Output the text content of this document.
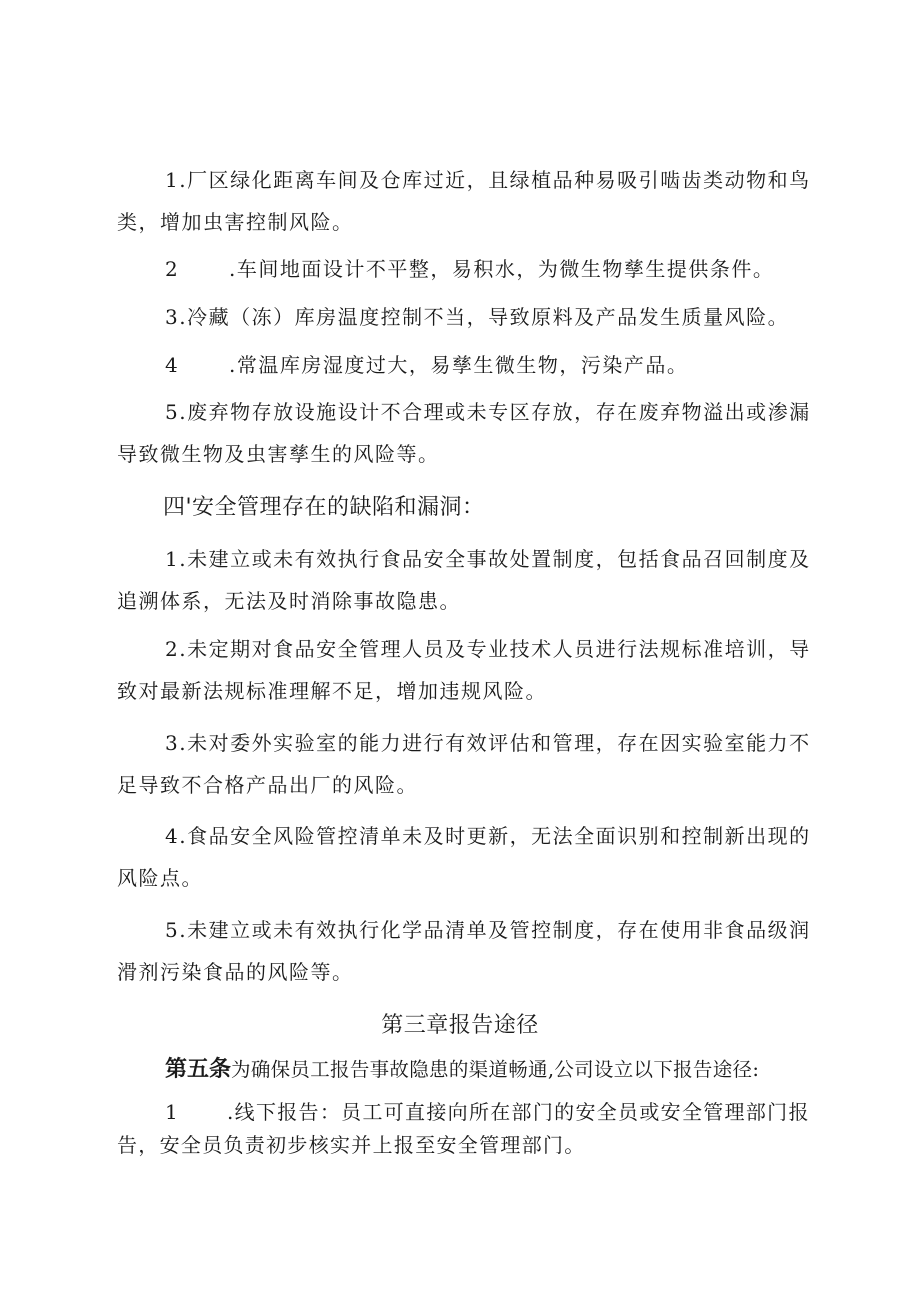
1.厂区绿化距离车间及仓库过近，且绿植品种易吸引啮齿类动物和鸟类，增加虫害控制风险。
2 .车间地面设计不平整，易积水，为微生物孳生提供条件。
3.冷藏（冻）库房温度控制不当，导致原料及产品发生质量风险。
4 .常温库房湿度过大，易孳生微生物，污染产品。
5.废弃物存放设施设计不合理或未专区存放，存在废弃物溢出或渗漏导致微生物及虫害孳生的风险等。
四'安全管理存在的缺陷和漏洞：
1.未建立或未有效执行食品安全事故处置制度，包括食品召回制度及追溯体系，无法及时消除事故隐患。
2.未定期对食品安全管理人员及专业技术人员进行法规标准培训，导致对最新法规标准理解不足，增加违规风险。
3.未对委外实验室的能力进行有效评估和管理，存在因实验室能力不足导致不合格产品出厂的风险。
4.食品安全风险管控清单未及时更新，无法全面识别和控制新出现的风险点。
5.未建立或未有效执行化学品清单及管控制度，存在使用非食品级润滑剂污染食品的风险等。
第三章报告途径
第五条为确保员工报告事故隐患的渠道畅通,公司设立以下报告途径:
1 .线下报告：员工可直接向所在部门的安全员或安全管理部门报告，安全员负责初步核实并上报至安全管理部门。
